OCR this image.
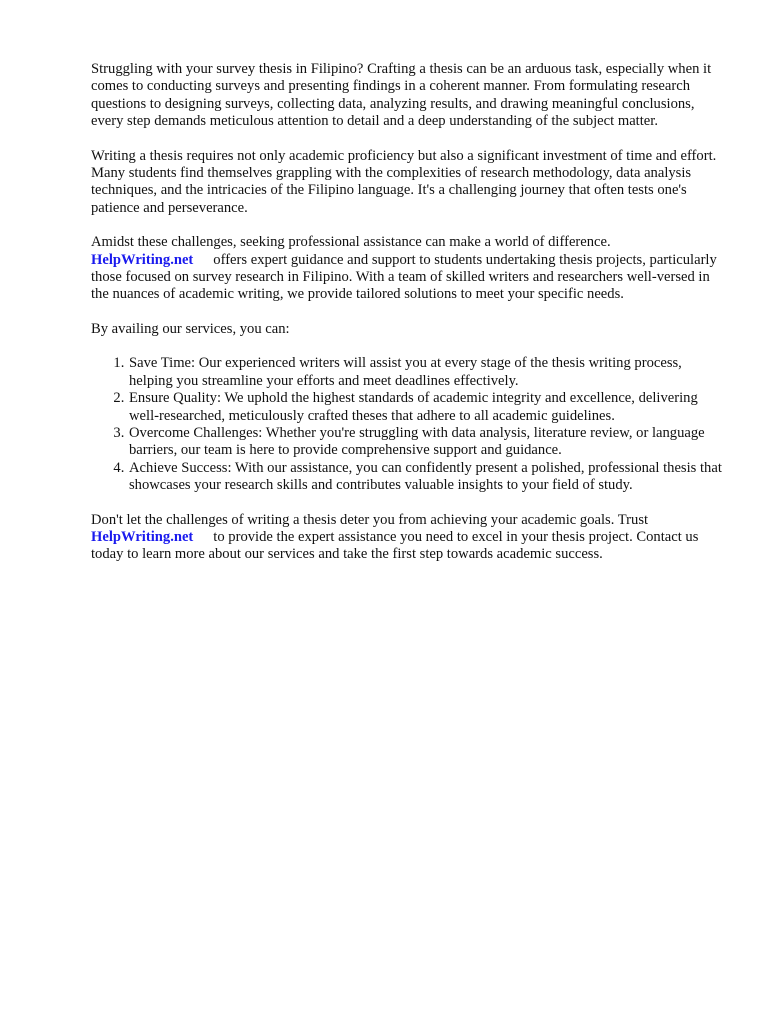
Struggling with your survey thesis in Filipino? Crafting a thesis can be an arduous task, especially when it comes to conducting surveys and presenting findings in a coherent manner. From formulating research questions to designing surveys, collecting data, analyzing results, and drawing meaningful conclusions, every step demands meticulous attention to detail and a deep understanding of the subject matter.

Writing a thesis requires not only academic proficiency but also a significant investment of time and effort. Many students find themselves grappling with the complexities of research methodology, data analysis techniques, and the intricacies of the Filipino language. It's a challenging journey that often tests one's patience and perseverance.

Amidst these challenges, seeking professional assistance can make a world of difference.
HelpWriting.net offers expert guidance and support to students undertaking thesis projects, particularly those focused on survey research in Filipino. With a team of skilled writers and researchers well-versed in the nuances of academic writing, we provide tailored solutions to meet your specific needs.

By availing our services, you can:

1. Save Time: Our experienced writers will assist you at every stage of the thesis writing process, helping you streamline your efforts and meet deadlines effectively.
2. Ensure Quality: We uphold the highest standards of academic integrity and excellence, delivering well-researched, meticulously crafted theses that adhere to all academic guidelines.
3. Overcome Challenges: Whether you're struggling with data analysis, literature review, or language barriers, our team is here to provide comprehensive support and guidance.
4. Achieve Success: With our assistance, you can confidently present a polished, professional thesis that showcases your research skills and contributes valuable insights to your field of study.

Don't let the challenges of writing a thesis deter you from achieving your academic goals. Trust
HelpWriting.net to provide the expert assistance you need to excel in your thesis project. Contact us today to learn more about our services and take the first step towards academic success.
